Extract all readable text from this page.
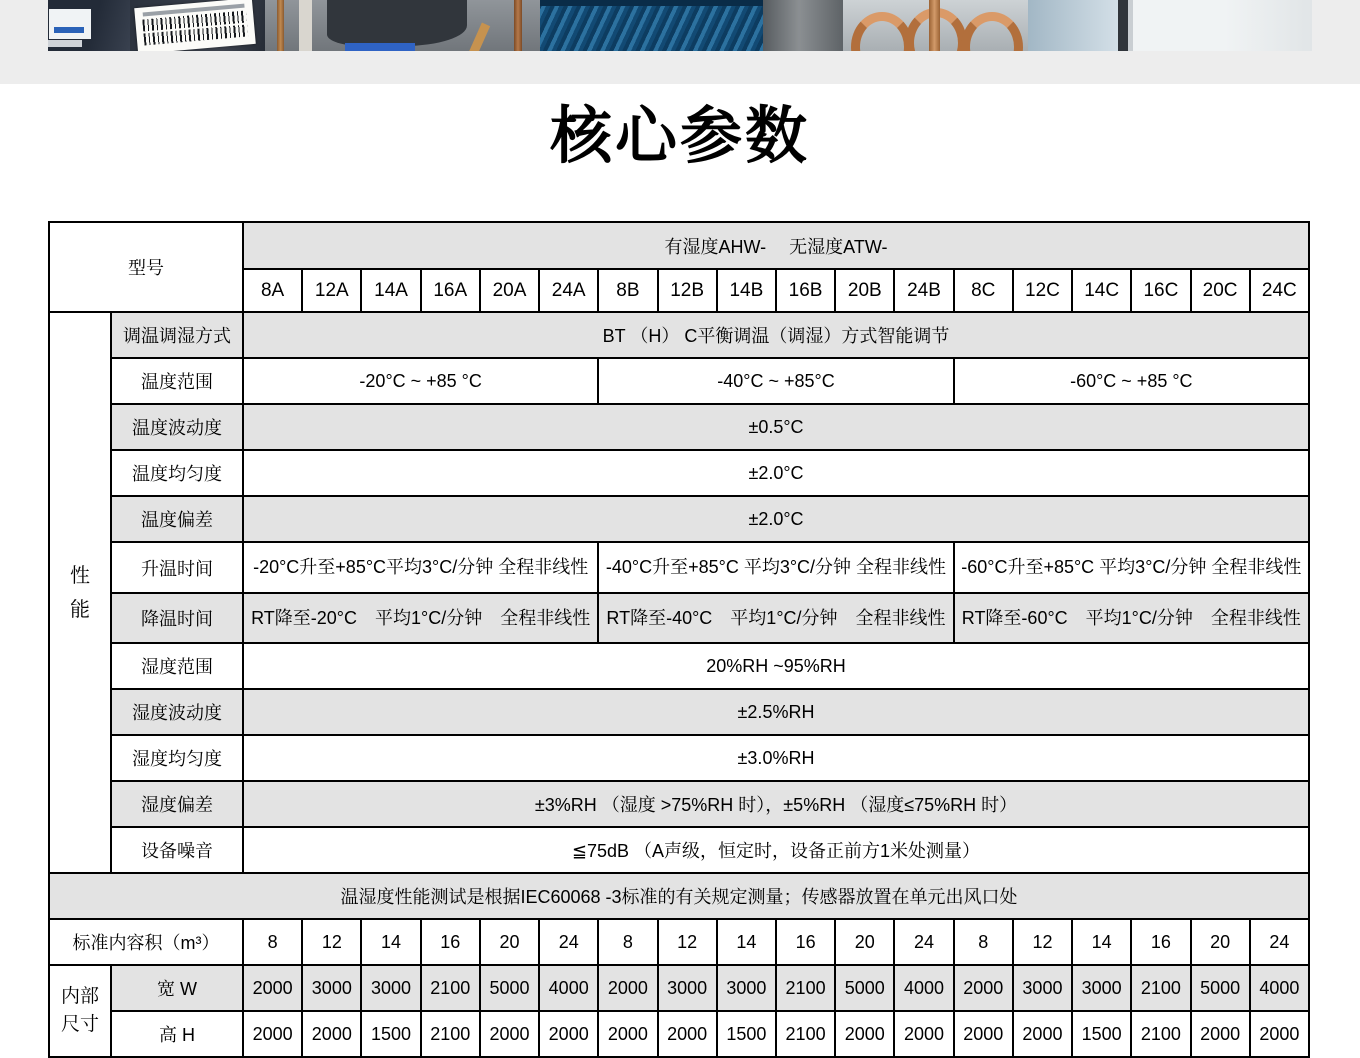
核心参数
型号		有湿度AHW-　 无湿度ATW-																	
		8A	12A	14A	16A	20A	24A	8B	12B	14B	16B	20B	24B	8C	12C	14C	16C	20C	24C

性能	调温调湿方式	BT （H） C平衡调温（调湿）方式智能调节																	
	温度范围	-20°C ~ +85 °C						-40°C ~ +85°C						-60°C ~ +85 °C					
	温度波动度	±0.5°C																	
	温度均匀度	±2.0°C																	
	温度偏差	±2.0°C																	
	升温时间	-20°C升至+85°C平均3°C/分钟 全程非线性						-40°C升至+85°C 平均3°C/分钟 全程非线性						-60°C升至+85°C 平均3°C/分钟 全程非线性					
	降温时间	RT降至-20°C　平均1°C/分钟　全程非线性						RT降至-40°C　平均1°C/分钟　全程非线性						RT降至-60°C　平均1°C/分钟　全程非线性					
	湿度范围	20%RH ~95%RH																	
	湿度波动度	±2.5%RH																	
	湿度均匀度	±3.0%RH																	
	湿度偏差	±3%RH （湿度 >75%RH 时），±5%RH （湿度≤75%RH 时）																	
	设备噪音	≦75dB （A声级，恒定时，设备正前方1米处测量）																	
温湿度性能测试是根据IEC60068 -3标准的有关规定测量；传感器放置在单元出风口处																			
标准内容积（m³）		8	12	14	16	20	24	8	12	14	16	20	24	8	12	14	16	20	24

内部尺寸	宽 W	2000	3000	3000	2100	5000	4000	2000	3000	3000	2100	5000	4000	2000	3000	3000	2100	5000	4000
	高 H	2000	2000	1500	2100	2000	2000	2000	2000	1500	2100	2000	2000	2000	2000	1500	2100	2000	2000
